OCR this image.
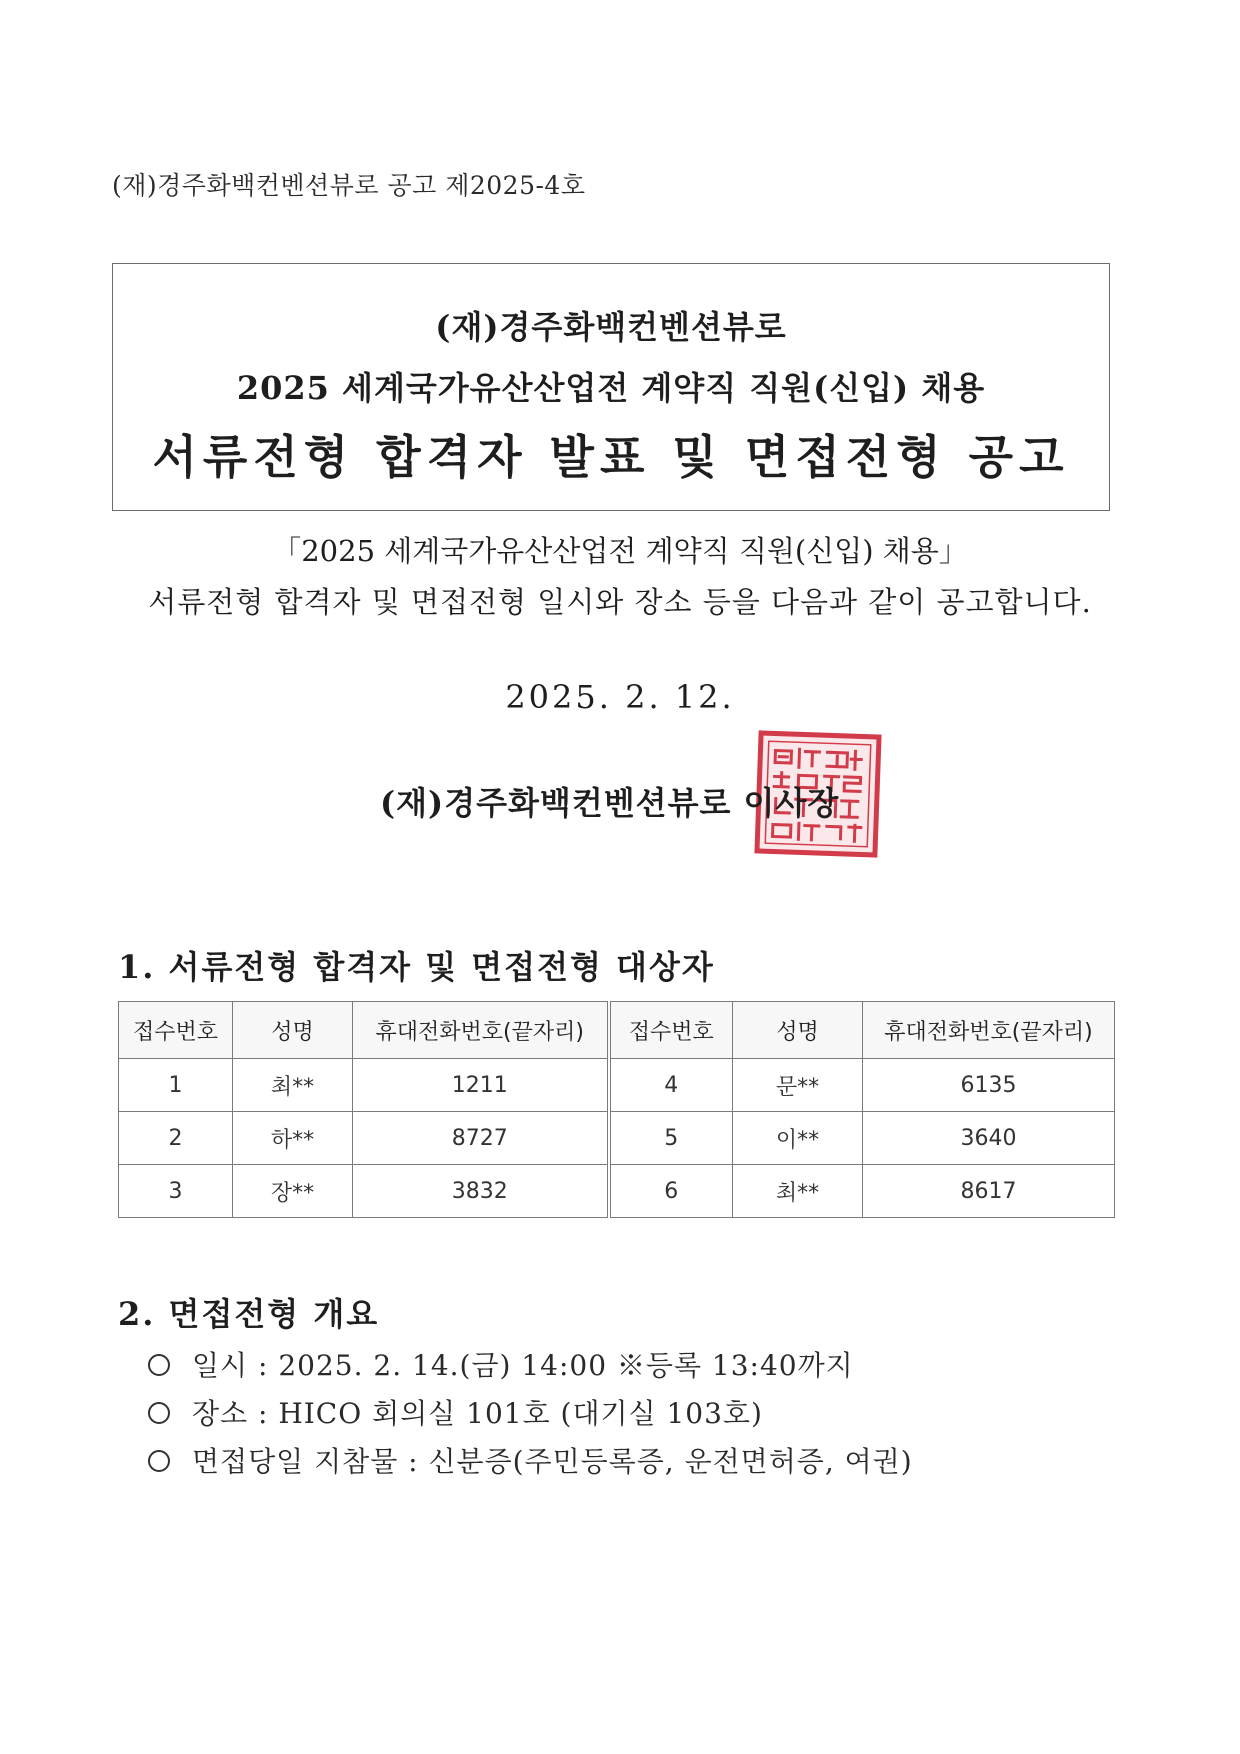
(재)경주화백컨벤션뷰로 공고 제2025-4호
(재)경주화백컨벤션뷰로
2025 세계국가유산산업전 계약직 직원(신입) 채용
서류전형 합격자 발표 및 면접전형 공고
「2025 세계국가유산산업전 계약직 직원(신입) 채용」
서류전형 합격자 및 면접전형 일시와 장소 등을 다음과 같이 공고합니다.
2025. 2. 12.
(재)경주화백컨벤션뷰로 이사장
1. 서류전형 합격자 및 면접전형 대상자
접수번호	성명	휴대전화번호(끝자리)	접수번호	성명	휴대전화번호(끝자리)
1	최**	1211	4	문**	6135
2	하**	8727	5	이**	3640
3	장**	3832	6	최**	8617
2. 면접전형 개요
일시 : 2025. 2. 14.(금) 14:00 ※등록 13:40까지
장소 : HICO 회의실 101호 (대기실 103호)
면접당일 지참물 : 신분증(주민등록증, 운전면허증, 여권)
